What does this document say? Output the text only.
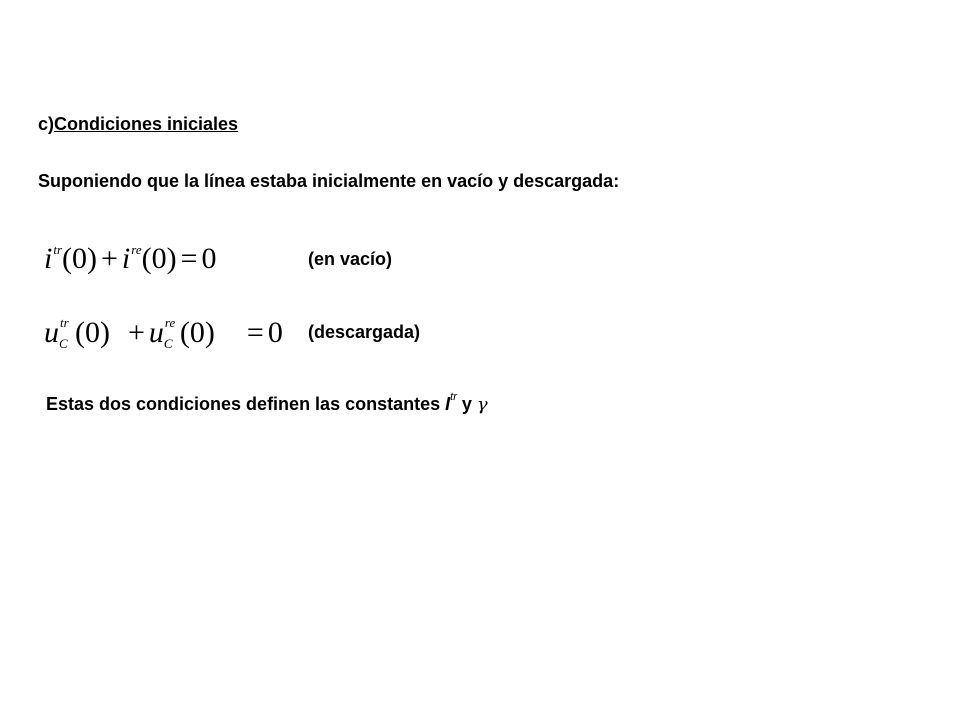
c)Condiciones iniciales
Suponiendo que la línea estaba inicialmente en vacío y descargada:
$i^{tr}(0) + i^{re}(0) = 0$	(en vacío)
u tr
C (0) + u re
C (0) = 0 (descargada)
Estas dos condiciones definen las constantes $I^{tr}$ y γ
